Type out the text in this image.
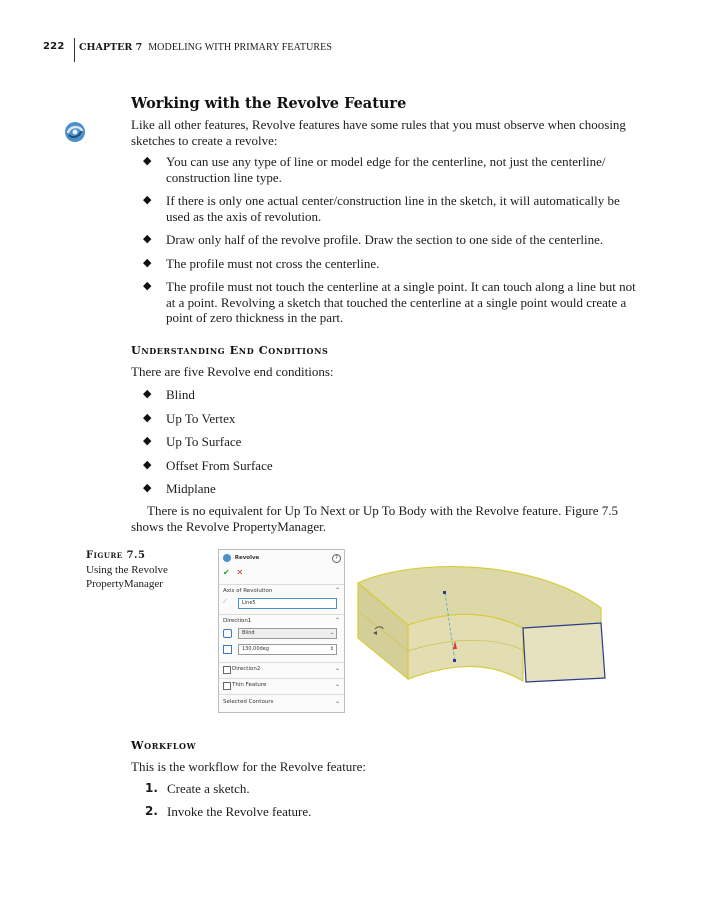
222 CHAPTER 7 MODELING WITH PRIMARY FEATURES
Working with the Revolve Feature
Like all other features, Revolve features have some rules that you must observe when choosing
sketches to create a revolve:
◆ You can use any type of line or model edge for the centerline, not just the centerline/
construction line type.
◆ If there is only one actual center/construction line in the sketch, it will automatically be
used as the axis of revolution.
◆ Draw only half of the revolve profile. Draw the section to one side of the centerline.
◆ The profile must not cross the centerline.
◆ The profile must not touch the centerline at a single point. It can touch along a line but not
at a point. Revolving a sketch that touched the centerline at a single point would create a
point of zero thickness in the part.
Understanding End Conditions
There are five Revolve end conditions:
◆ Blind
◆ Up To Vertex
◆ Up To Surface
◆ Offset From Surface
◆ Midplane
There is no equivalent for Up To Next or Up To Body with the Revolve feature. Figure 7.5
shows the Revolve PropertyManager.
Figure 7.5
Using the Revolve
PropertyManager
Revolve	?
✔ ✕
Axis of Revolution	⌃
⟋	Line5
Direction1	⌃
Blind	⌄
130.00deg	⇕
Direction2	⌄
Thin Feature	⌄
Selected Contours	⌄
Workflow
This is the workflow for the Revolve feature:
1. Create a sketch.
2. Invoke the Revolve feature.
